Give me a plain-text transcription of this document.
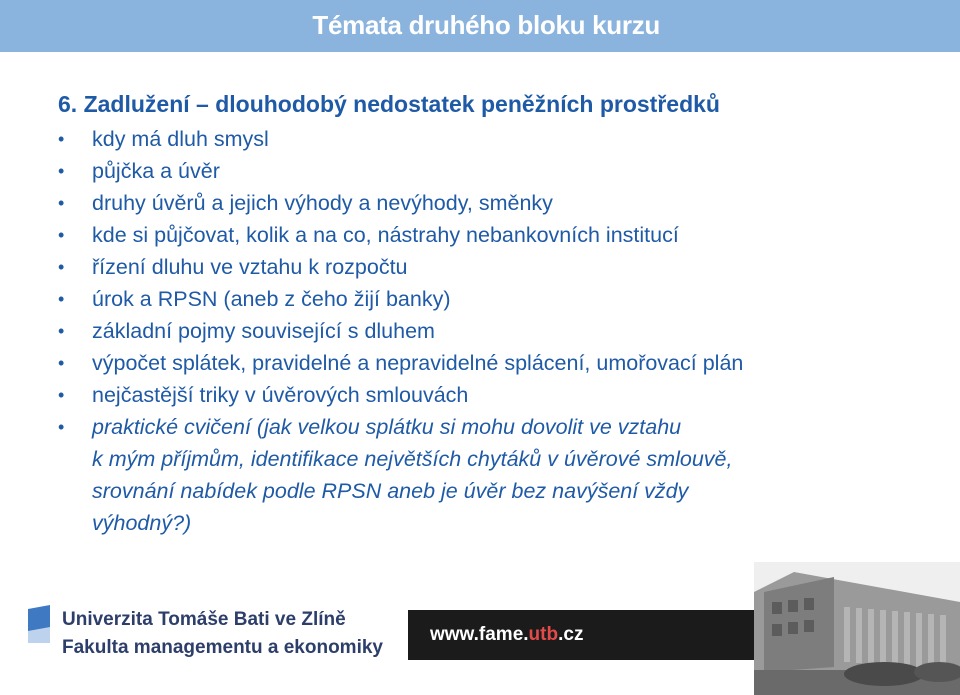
Témata druhého bloku kurzu
6. Zadlužení – dlouhodobý nedostatek peněžních prostředků
• kdy má dluh smysl
• půjčka a úvěr
• druhy úvěrů a jejich výhody a nevýhody, směnky
• kde si půjčovat, kolik a na co, nástrahy nebankovních institucí
• řízení dluhu ve vztahu k rozpočtu
• úrok a RPSN (aneb z čeho žijí banky)
• základní pojmy související s dluhem
• výpočet splátek, pravidelné a nepravidelné splácení, umořovací plán
• nejčastější triky v úvěrových smlouvách
• praktické cvičení (jak velkou splátku si mohu dovolit ve vztahu
k mým příjmům, identifikace největších chytáků v úvěrové smlouvě,
srovnání nabídek podle RPSN aneb je úvěr bez navýšení vždy
výhodný?)
Univerzita Tomáše Bati ve Zlíně
Fakulta managementu a ekonomiky
www.fame.utb.cz
